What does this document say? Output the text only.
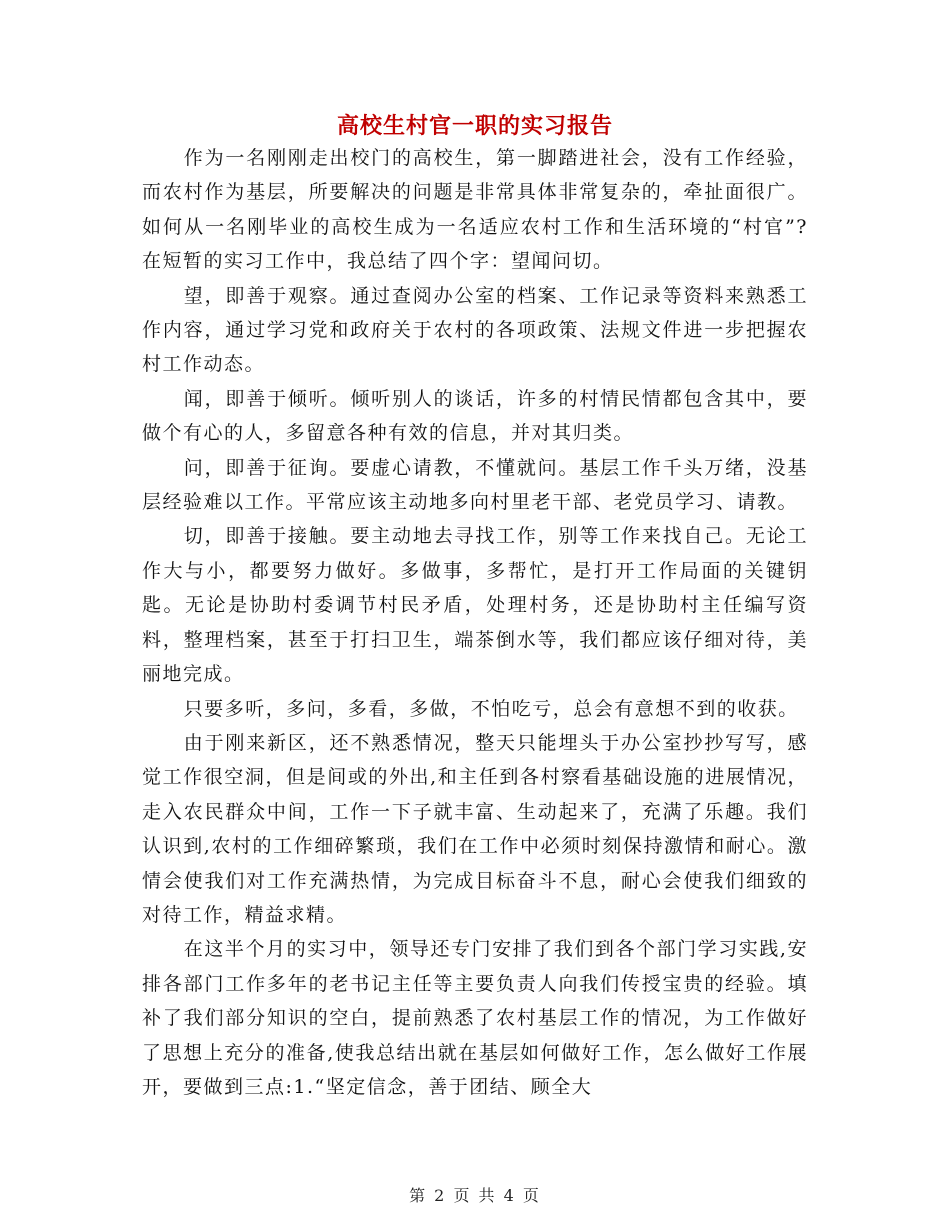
高校生村官一职的实习报告

作为一名刚刚走出校门的高校生，第一脚踏进社会，没有工作经验，而农村作为基层，所要解决的问题是非常具体非常复杂的，牵扯面很广。如何从一名刚毕业的高校生成为一名适应农村工作和生活环境的“村官”?在短暂的实习工作中，我总结了四个字：望闻问切。

望，即善于观察。通过查阅办公室的档案、工作记录等资料来熟悉工作内容，通过学习党和政府关于农村的各项政策、法规文件进一步把握农村工作动态。

闻，即善于倾听。倾听别人的谈话，许多的村情民情都包含其中，要做个有心的人，多留意各种有效的信息，并对其归类。

问，即善于征询。要虚心请教，不懂就问。基层工作千头万绪，没基层经验难以工作。平常应该主动地多向村里老干部、老党员学习、请教。

切，即善于接触。要主动地去寻找工作，别等工作来找自己。无论工作大与小，都要努力做好。多做事，多帮忙，是打开工作局面的关键钥匙。无论是协助村委调节村民矛盾，处理村务，还是协助村主任编写资料，整理档案，甚至于打扫卫生，端茶倒水等，我们都应该仔细对待，美丽地完成。

只要多听，多问，多看，多做，不怕吃亏，总会有意想不到的收获。

由于刚来新区，还不熟悉情况，整天只能埋头于办公室抄抄写写，感觉工作很空洞，但是间或的外出,和主任到各村察看基础设施的进展情况，走入农民群众中间，工作一下子就丰富、生动起来了，充满了乐趣。我们认识到,农村的工作细碎繁琐，我们在工作中必须时刻保持激情和耐心。激情会使我们对工作充满热情，为完成目标奋斗不息，耐心会使我们细致的对待工作，精益求精。

在这半个月的实习中，领导还专门安排了我们到各个部门学习实践,安排各部门工作多年的老书记主任等主要负责人向我们传授宝贵的经验。填补了我们部分知识的空白，提前熟悉了农村基层工作的情况，为工作做好了思想上充分的准备,使我总结出就在基层如何做好工作，怎么做好工作展开，要做到三点:1.“坚定信念，善于团结、顾全大

第 2 页 共 4 页
